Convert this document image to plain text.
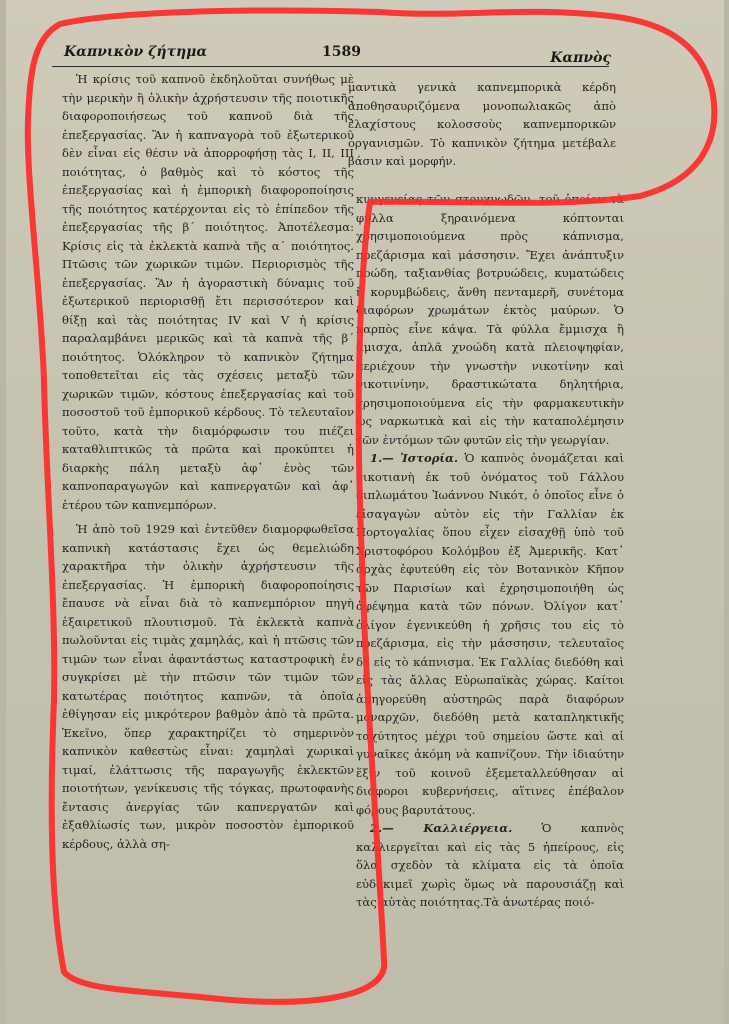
Καπνικὸν ζήτημα	1589	Καπνὸς

Ἡ κρίσις τοῦ καπνοῦ ἐκδηλοῦται συνήθως μὲ τὴν μερικὴν ἢ ὁλικὴν ἀχρήστευσιν τῆς ποιοτικῆς διαφοροποιήσεως τοῦ καπνοῦ διὰ τῆς ἐπεξεργασίας. Ἂν ἡ καπναγορὰ τοῦ ἐξωτερικοῦ δὲν εἶναι εἰς θέσιν νὰ ἀπορροφήσῃ τὰς I, II, III ποιότητας, ὁ βαθμὸς καὶ τὸ κόστος τῆς ἐπεξεργασίας καὶ ἡ ἐμπορικὴ διαφοροποίησις τῆς ποιότητος κατέρχονται εἰς τὸ ἐπίπεδον τῆς ἐπεξεργασίας τῆς β΄ ποιότητος. Ἀποτέλεσμα: Κρίσις εἰς τὰ ἐκλεκτὰ καπνὰ τῆς α΄ ποιότητος. Πτῶσις τῶν χωρικῶν τιμῶν. Περιορισμὸς τῆς ἐπεξεργασίας. Ἂν ἡ ἀγοραστικὴ δύναμις τοῦ ἐξωτερικοῦ περιορισθῇ ἔτι περισσότερον καὶ θίξῃ καὶ τὰς ποιότητας IV καὶ V ἡ κρίσις παραλαμβάνει μερικῶς καὶ τὰ καπνὰ τῆς β΄ ποιότητος. Ὁλόκληρον τὸ καπνικὸν ζήτημα τοποθετεῖται εἰς τὰς σχέσεις μεταξὺ τῶν χωρικῶν τιμῶν, κόστους ἐπεξεργασίας καὶ τοῦ ποσοστοῦ τοῦ ἐμπορικοῦ κέρδους. Τὸ τελευταῖον τοῦτο, κατὰ τὴν διαμόρφωσιν του πιέζει καταθλιπτικῶς τὰ πρῶτα καὶ προκύπτει ἡ διαρκὴς πάλη μεταξὺ ἀφ᾽ ἑνὸς τῶν καπνοπαραγωγῶν καὶ καπνεργατῶν καὶ ἀφ᾽ ἑτέρου τῶν καπνεμπόρων.

Ἡ ἀπὸ τοῦ 1929 καὶ ἐντεῦθεν διαμορφωθεῖσα καπνικὴ κατάστασις ἔχει ὡς θεμελιώδη χαρακτῆρα τὴν ὁλικὴν ἀχρήστευσιν τῆς ἐπεξεργασίας. Ἡ ἐμπορικὴ διαφοροποίησις ἔπαυσε νὰ εἶναι διὰ τὸ καπνεμπόριον πηγὴ ἐξαιρετικοῦ πλουτισμοῦ. Τὰ ἐκλεκτὰ καπνὰ πωλοῦνται εἰς τιμὰς χαμηλάς, καὶ ἡ πτῶσις τῶν τιμῶν των εἶναι ἀφαντάστως καταστροφικὴ ἐν συγκρίσει μὲ τὴν πτῶσιν τῶν τιμῶν τῶν κατωτέρας ποιότητος καπνῶν, τὰ ὁποῖα ἐθίγησαν εἰς μικρότερον βαθμὸν ἀπὸ τὰ πρῶτα. Ἐκεῖνο, ὅπερ χαρακτηρίζει τὸ σημερινὸν καπνικὸν καθεστὼς εἶναι: χαμηλαὶ χωρικαὶ τιμαί, ἐλάττωσις τῆς παραγωγῆς ἐκλεκτῶν ποιοτήτων, γενίκευσις τῆς τόγκας, πρωτοφανὴς ἔντασις ἀνεργίας τῶν καπνεργατῶν καὶ ἐξαθλίωσίς των, μικρὸν ποσοστὸν ἐμπορικοῦ κέρδους, ἀλλὰ ση-

μαντικὰ γενικὰ καπνεμπορικὰ κέρδη ἀποθησαυριζόμενα μονοπωλιακῶς ἀπὸ ἐλαχίστους κολοσσοὺς καπνεμπορικῶν ὀργανισμῶν. Τὸ καπνικὸν ζήτημα μετέβαλε βάσιν καὶ μορφήν.

κυνγενείας τῶν στρυχνωδῶν, τοῦ ὁποίου τὰ φύλλα ξηραινόμενα κόπτονται χρησιμοποιούμενα πρὸς κάπνισμα, πρεζάρισμα καὶ μάσσησιν. Ἔχει ἀνάπτυξιν ποώδη, ταξιανθίας βοτρυώδεις, κυματώδεις ἢ κορυμβώδεις, ἄνθη πενταμερῆ, συνέτομα διαφόρων χρωμάτων ἐκτὸς μαύρων. Ὁ καρπὸς εἶνε κάψα. Τὰ φύλλα ἔμμισχα ἢ ἄμισχα, ἁπλᾶ χνοώδη κατὰ πλειοψηφίαν, περιέχουν τὴν γνωστὴν νικοτίνην καὶ νικοτινίνην, δραστικώτατα δηλητήρια, χρησιμοποιούμενα εἰς τὴν φαρμακευτικὴν ὡς ναρκωτικὰ καὶ εἰς τὴν καταπολέμησιν τῶν ἐντόμων τῶν φυτῶν εἰς τὴν γεωργίαν.

1.— Ἱστορία. Ὁ καπνὸς ὀνομάζεται καὶ νικοτιανὴ ἐκ τοῦ ὀνόματος τοῦ Γάλλου διπλωμάτου Ἰωάννου Νικότ, ὁ ὁποῖος εἶνε ὁ εἰσαγαγὼν αὐτὸν εἰς τὴν Γαλλίαν ἐκ Πορτογαλίας ὅπου εἶχεν εἰσαχθῇ ὑπὸ τοῦ Χριστοφόρου Κολόμβου ἐξ Ἀμερικῆς. Κατ᾽ ἀρχὰς ἐφυτεύθη εἰς τὸν Βοτανικὸν Κῆπον τῶν Παρισίων καὶ ἐχρησιμοποιήθη ὡς ἀφέψημα κατὰ τῶν πόνων. Ὀλίγον κατ᾽ ὀλίγον ἐγενικεύθη ἡ χρῆσις του εἰς τὸ πρεζάρισμα, εἰς τὴν μάσσησιν, τελευταῖος δὲ εἰς τὸ κάπνισμα. Ἐκ Γαλλίας διεδόθη καὶ εἰς τὰς ἄλλας Εὐρωπαϊκὰς χώρας. Καίτοι ἀπηγορεύθη αὐστηρῶς παρὰ διαφόρων μοναρχῶν, διεδόθη μετὰ καταπληκτικῆς ταχύτητος μέχρι τοῦ σημείου ὥστε καὶ αἱ γυναῖκες ἀκόμη νὰ καπνίζουν. Τὴν ἰδιαύτην ἕξιν τοῦ κοινοῦ ἐξεμεταλλεύθησαν αἱ διάφοροι κυβερνήσεις, αἵτινες ἐπέβαλον φόρους βαρυτάτους.

2.— Καλλιέργεια.	Ὁ καπνὸς καλλιεργεῖται καὶ εἰς τὰς 5 ἠπείρους, εἰς ὅλα σχεδὸν τὰ κλίματα εἰς τὰ ὁποῖα εὐδοκιμεῖ χωρὶς ὅμως νὰ παρουσιάζῃ καὶ τὰς αὐτὰς ποιότητας.Τὰ ἀνωτέρας ποιό-
